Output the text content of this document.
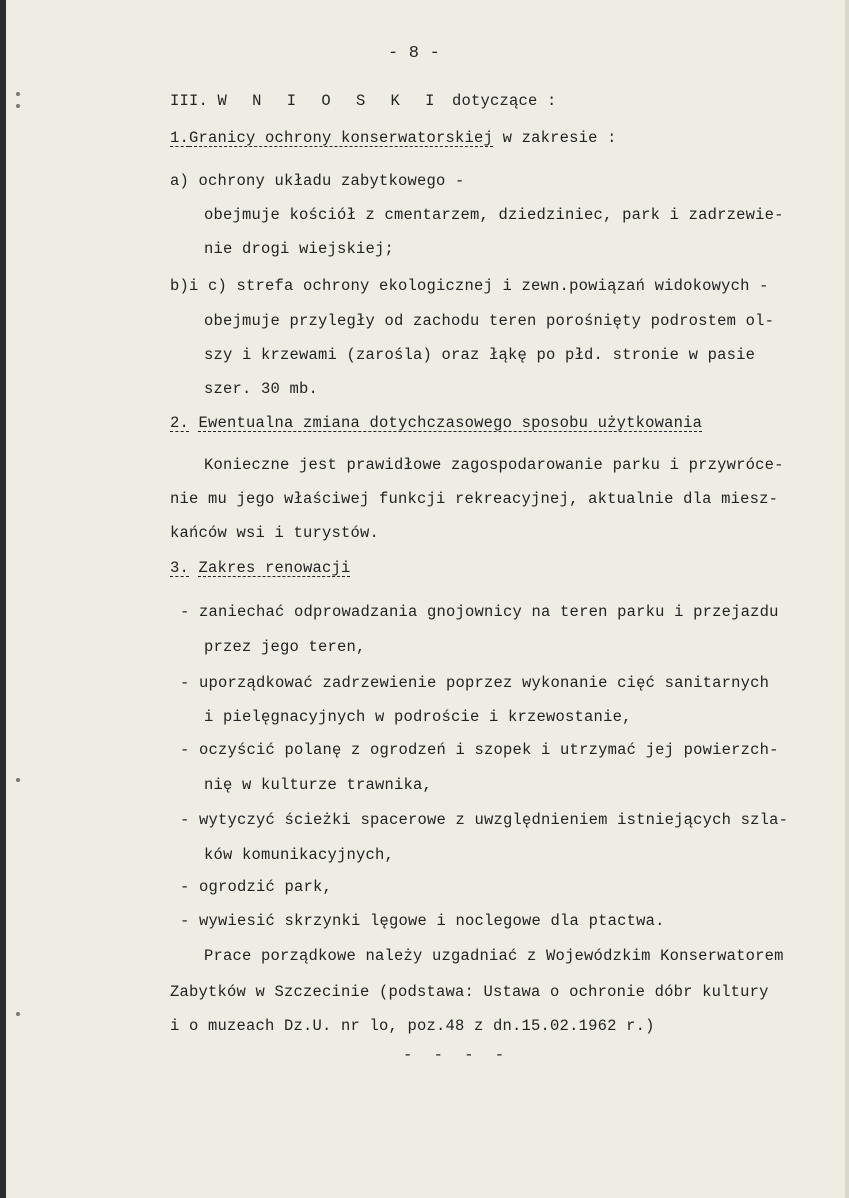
- 8 -
III. W N I O S K I dotyczące :
1.Granicy ochrony konserwatorskiej w zakresie :
a) ochrony układu zabytkowego -
obejmuje kościół z cmentarzem, dziedziniec, park i zadrzewie-
nie drogi wiejskiej;
b)i c) strefa ochrony ekologicznej i zewn.powiązań widokowych -
obejmuje przyległy od zachodu teren porośnięty podrostem ol-
szy i krzewami (zarośla) oraz łąkę po płd. stronie w pasie
szer. 30 mb.
2. Ewentualna zmiana dotychczasowego sposobu użytkowania
Konieczne jest prawidłowe zagospodarowanie parku i przywróce-
nie mu jego właściwej funkcji rekreacyjnej, aktualnie dla miesz-
kańców wsi i turystów.
3. Zakres renowacji
- zaniechać odprowadzania gnojownicy na teren parku i przejazdu
przez jego teren,
- uporządkować zadrzewienie poprzez wykonanie cięć sanitarnych
i pielęgnacyjnych w podroście i krzewostanie,
- oczyścić polanę z ogrodzeń i szopek i utrzymać jej powierzch-
nię w kulturze trawnika,
- wytyczyć ścieżki spacerowe z uwzględnieniem istniejących szla-
ków komunikacyjnych,
- ogrodzić park,
- wywiesić skrzynki lęgowe i noclegowe dla ptactwa.
Prace porządkowe należy uzgadniać z Wojewódzkim Konserwatorem
Zabytków w Szczecinie (podstawa: Ustawa o ochronie dóbr kultury
i o muzeach Dz.U. nr lo, poz.48 z dn.15.02.1962 r.)
- - - -
